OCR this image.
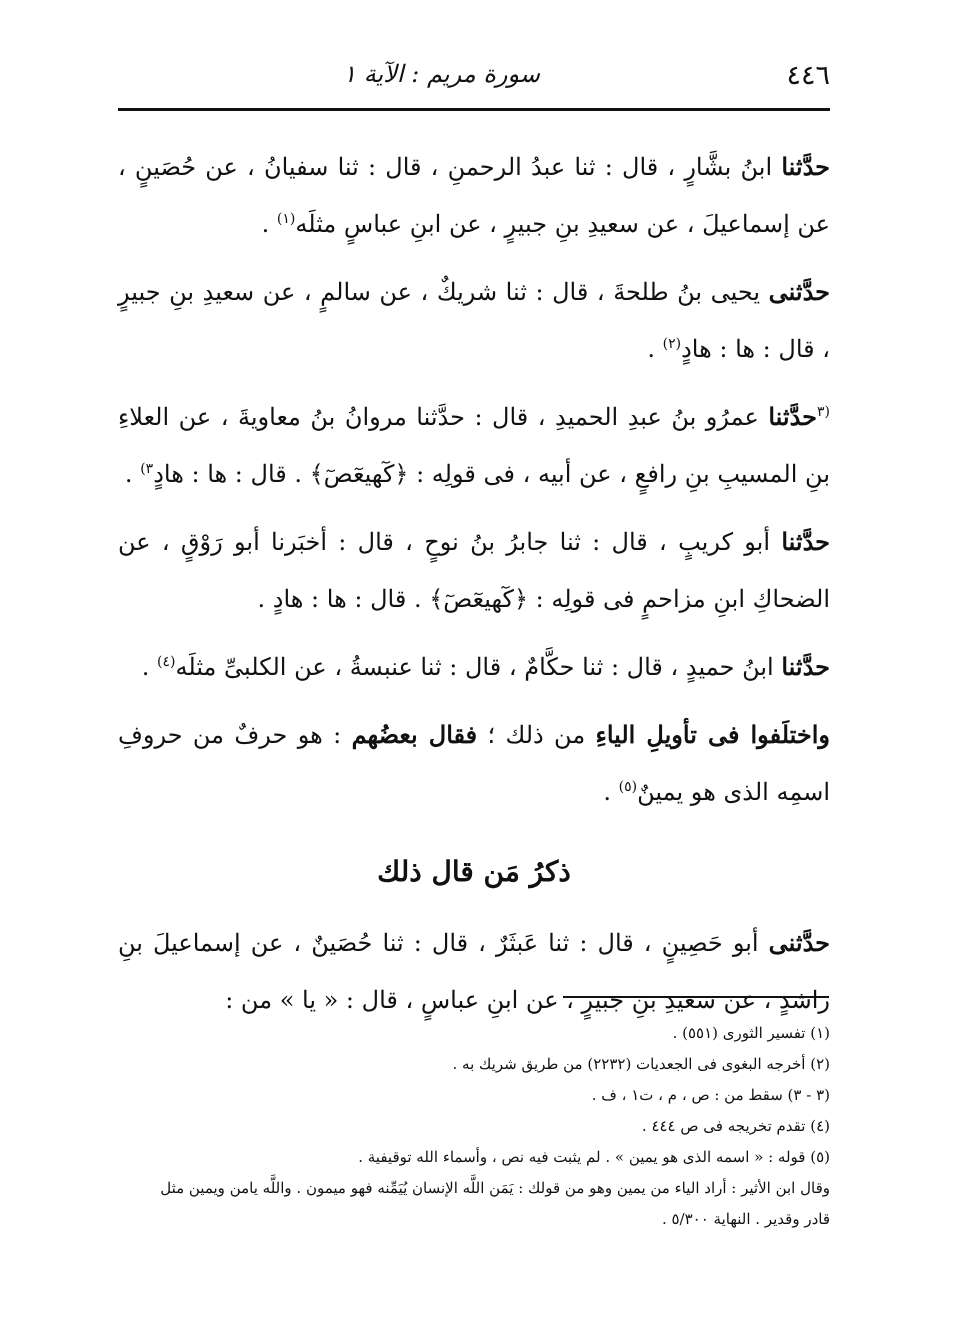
٤٤٦
سورة مريم : الآية ١

حدَّثنا ابنُ بشَّارٍ ، قال : ثنا عبدُ الرحمنِ ، قال : ثنا سفيانُ ، عن حُصَينٍ ، عن إسماعيلَ ، عن سعيدِ بنِ جبيرٍ ، عن ابنِ عباسٍ مثلَه$^{(١)}$ .

حدَّثنى يحيى بنُ طلحةَ ، قال : ثنا شريكٌ ، عن سالمٍ ، عن سعيدِ بنِ جبيرٍ ، قال : ها : هادٍ$^{(٢)}$ .

$^{(٣}$حدَّثنا عمرُو بنُ عبدِ الحميدِ ، قال : حدَّثنا مروانُ بنُ معاويةَ ، عن العلاءِ بنِ المسيبِ بنِ رافعٍ ، عن أبيه ، فى قولِه : ﴿كٓهيعٓصٓ﴾ . قال : ها : هادٍ$^{٣)}$ .

حدَّثنا أبو كريبٍ ، قال : ثنا جابرُ بنُ نوحٍ ، قال : أخبَرنا أبو رَوْقٍ ، عن الضحاكِ ابنِ مزاحمٍ فى قولِه : ﴿كٓهيعٓصٓ﴾ . قال : ها : هادٍ .

حدَّثنا ابنُ حميدٍ ، قال : ثنا حكَّامٌ ، قال : ثنا عنبسةُ ، عن الكلبىِّ مثلَه$^{(٤)}$ .

واختلَفوا فى تأويلِ الياءِ من ذلك ؛ فقال بعضُهم : هو حرفٌ من حروفِ اسمِه الذى هو يمينٌ$^{(٥)}$ .

ذكرُ مَن قال ذلك

حدَّثنى أبو حَصِينٍ ، قال : ثنا عَبثَرٌ ، قال : ثنا حُصَينٌ ، عن إسماعيلَ بنِ راشدٍ ، عن سعيدِ بنِ جبيرٍ ، عن ابنِ عباسٍ ، قال : « يا » من :

(١) تفسير الثورى (٥٥١) .

(٢) أخرجه البغوى فى الجعديات (٢٢٣٢) من طريق شريك به .

(٣ - ٣) سقط من : ص ، م ، ت١ ، ف .

(٤) تقدم تخريجه فى ص ٤٤٤ .

(٥) قوله : « اسمه الذى هو يمين » . لم يثبت فيه نص ، وأسماء الله توقيفية .

وقال ابن الأثير : أراد الياء من يمين وهو من قولك : يَمَن اللَّه الإنسان يُيَمِّنه فهو ميمون . واللَّه يامن ويمين مثل

قادر وقدير . النهاية ٥/٣٠٠ .
